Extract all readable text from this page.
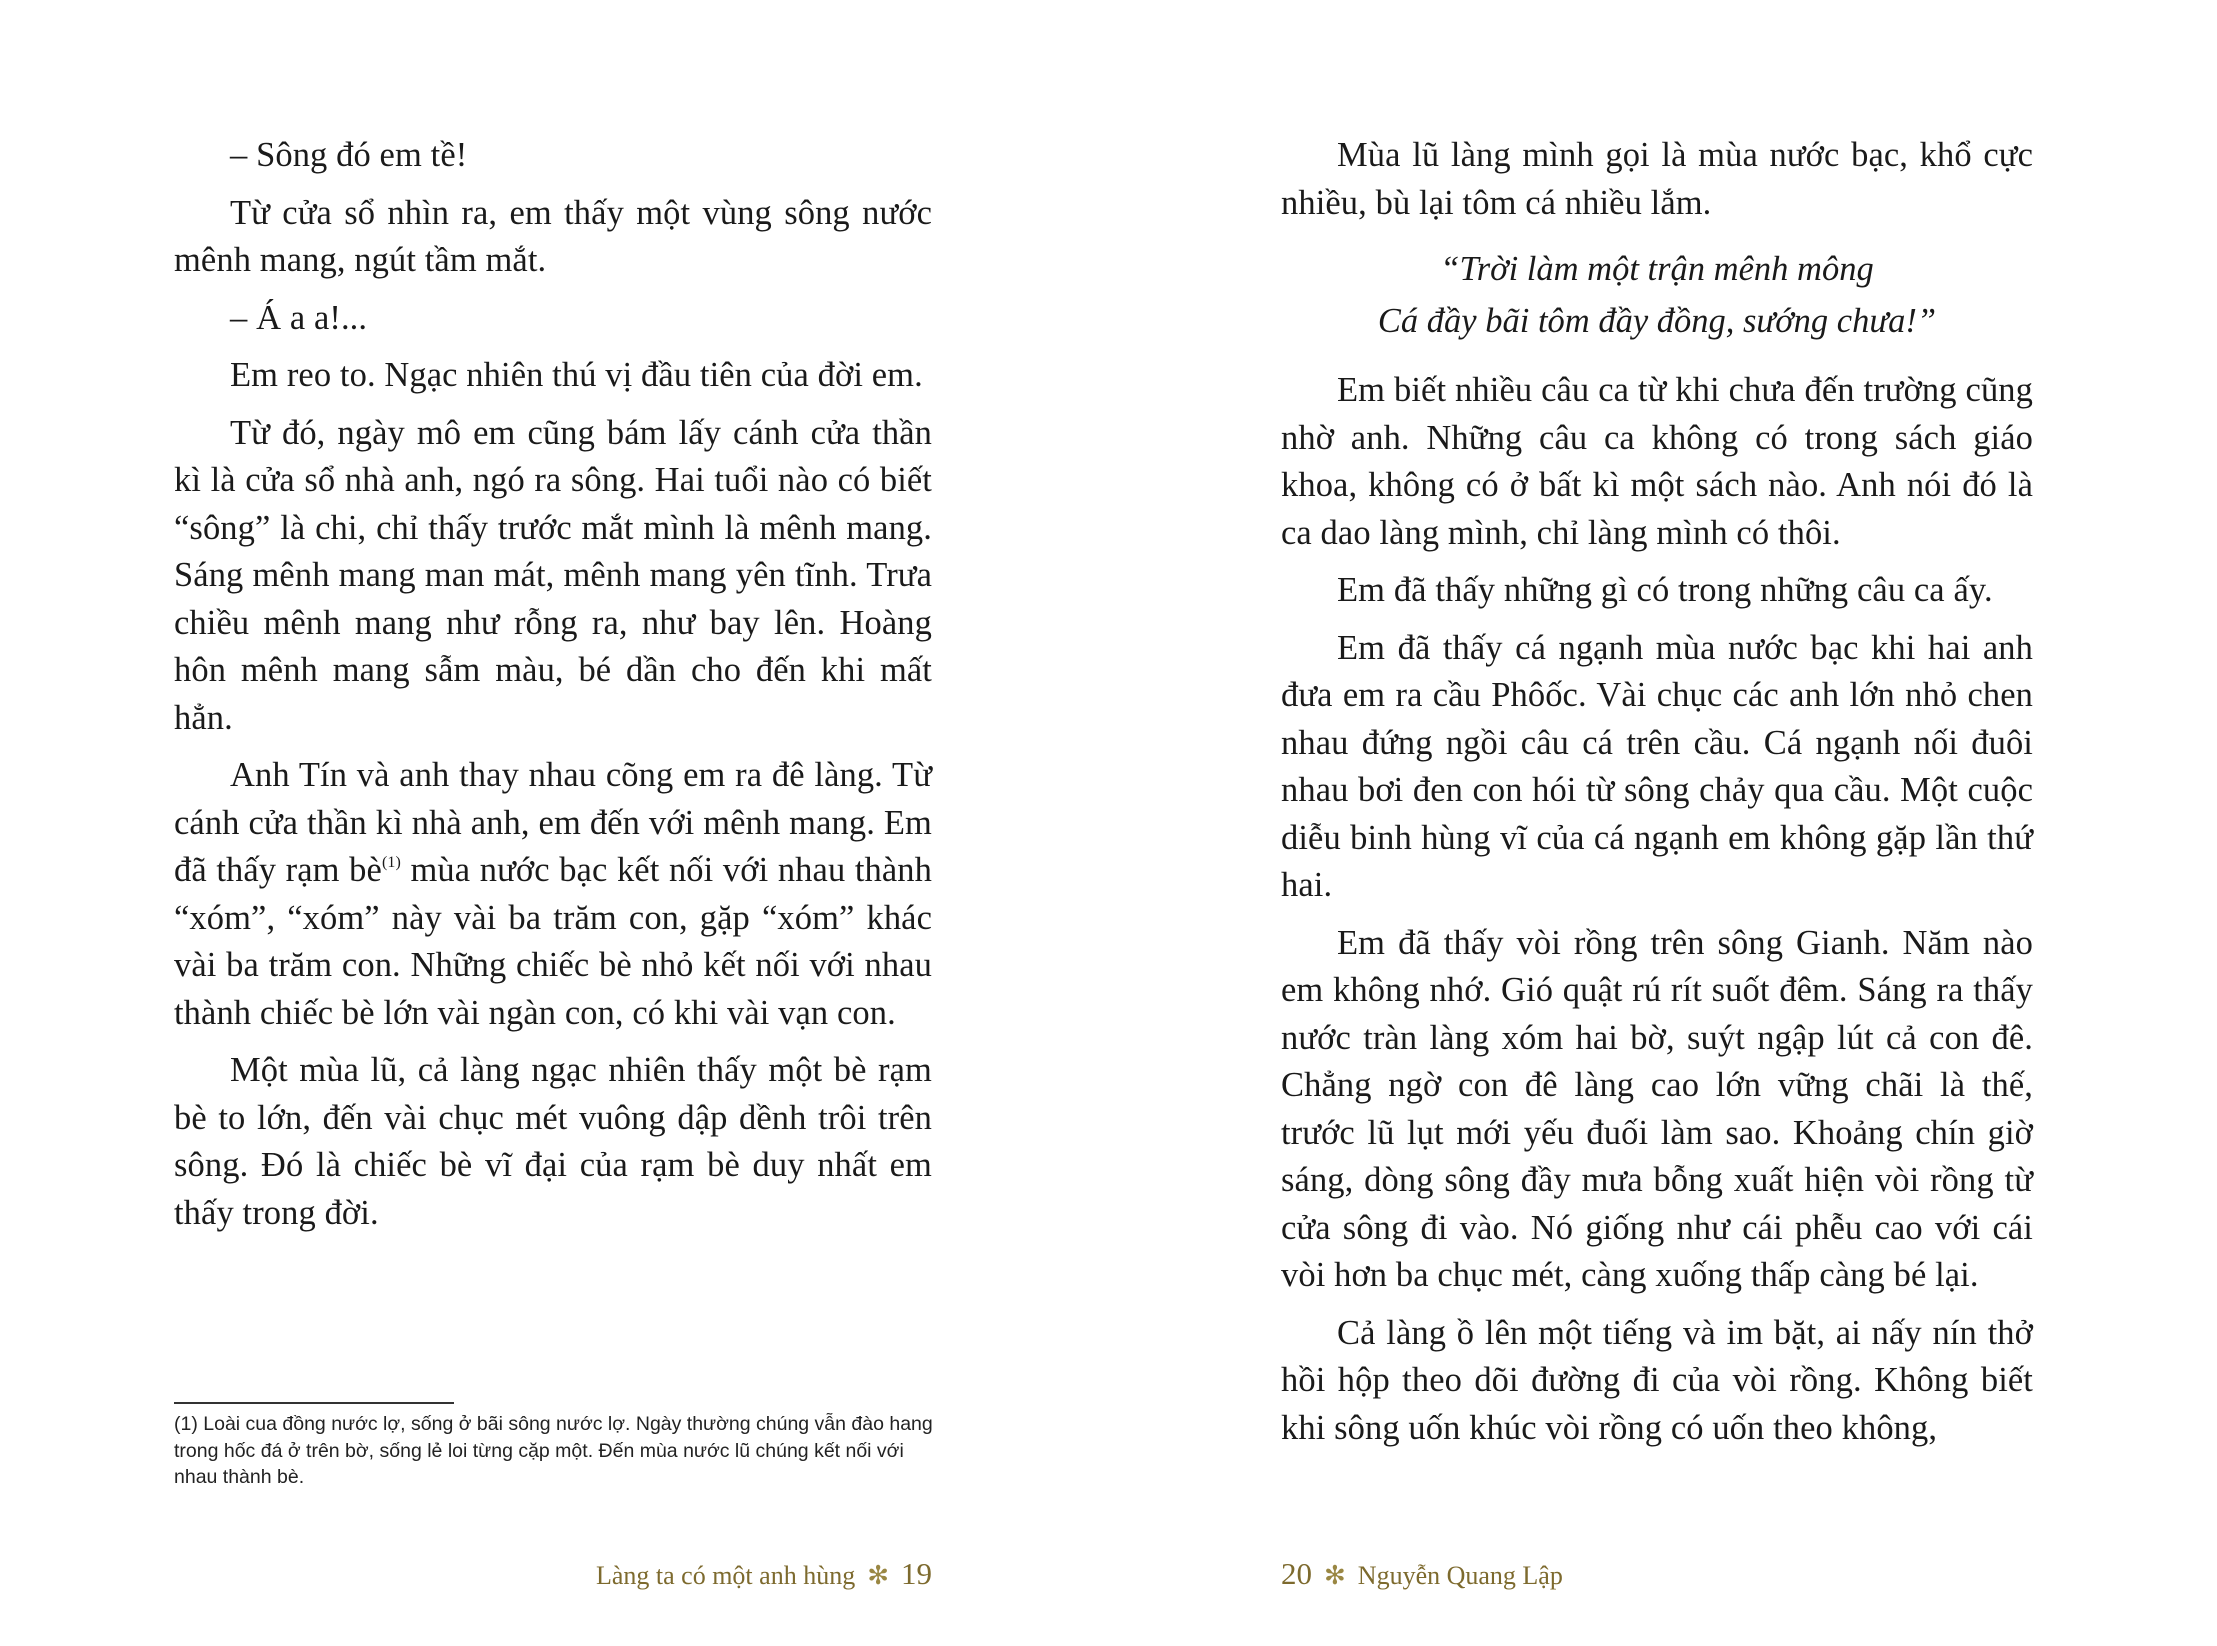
– Sông đó em tề!

Từ cửa sổ nhìn ra, em thấy một vùng sông nước mênh mang, ngút tầm mắt.

– Á a a!...

Em reo to. Ngạc nhiên thú vị đầu tiên của đời em.

Từ đó, ngày mô em cũng bám lấy cánh cửa thần kì là cửa sổ nhà anh, ngó ra sông. Hai tuổi nào có biết “sông” là chi, chỉ thấy trước mắt mình là mênh mang. Sáng mênh mang man mát, mênh mang yên tĩnh. Trưa chiều mênh mang như rỗng ra, như bay lên. Hoàng hôn mênh mang sẫm màu, bé dần cho đến khi mất hẳn.

Anh Tín và anh thay nhau cõng em ra đê làng. Từ cánh cửa thần kì nhà anh, em đến với mênh mang. Em đã thấy rạm $bè^{(1)}$ mùa nước bạc kết nối với nhau thành “xóm”, “xóm” này vài ba trăm con, gặp “xóm” khác vài ba trăm con. Những chiếc bè nhỏ kết nối với nhau thành chiếc bè lớn vài ngàn con, có khi vài vạn con.

Một mùa lũ, cả làng ngạc nhiên thấy một bè rạm bè to lớn, đến vài chục mét vuông dập dềnh trôi trên sông. Đó là chiếc bè vĩ đại của rạm bè duy nhất em thấy trong đời.

(1) Loài cua đồng nước lợ, sống ở bãi sông nước lợ. Ngày thường chúng vẫn đào hang trong hốc đá ở trên bờ, sống lẻ loi từng cặp một. Đến mùa nước lũ chúng kết nối với nhau thành bè.

Làng ta có một anh hùng ✻ 19

Mùa lũ làng mình gọi là mùa nước bạc, khổ cực nhiều, bù lại tôm cá nhiều lắm.

“Trời làm một trận mênh mông
Cá đầy bãi tôm đầy đồng, sướng chưa!”

Em biết nhiều câu ca từ khi chưa đến trường cũng nhờ anh. Những câu ca không có trong sách giáo khoa, không có ở bất kì một sách nào. Anh nói đó là ca dao làng mình, chỉ làng mình có thôi.

Em đã thấy những gì có trong những câu ca ấy.

Em đã thấy cá ngạnh mùa nước bạc khi hai anh đưa em ra cầu Phôốc. Vài chục các anh lớn nhỏ chen nhau đứng ngồi câu cá trên cầu. Cá ngạnh nối đuôi nhau bơi đen con hói từ sông chảy qua cầu. Một cuộc diễu binh hùng vĩ của cá ngạnh em không gặp lần thứ hai.

Em đã thấy vòi rồng trên sông Gianh. Năm nào em không nhớ. Gió quật rú rít suốt đêm. Sáng ra thấy nước tràn làng xóm hai bờ, suýt ngập lút cả con đê. Chẳng ngờ con đê làng cao lớn vững chãi là thế, trước lũ lụt mới yếu đuối làm sao. Khoảng chín giờ sáng, dòng sông đầy mưa bỗng xuất hiện vòi rồng từ cửa sông đi vào. Nó giống như cái phễu cao với cái vòi hơn ba chục mét, càng xuống thấp càng bé lại.

Cả làng ồ lên một tiếng và im bặt, ai nấy nín thở hồi hộp theo dõi đường đi của vòi rồng. Không biết khi sông uốn khúc vòi rồng có uốn theo không,

20 ✻ Nguyễn Quang Lập
